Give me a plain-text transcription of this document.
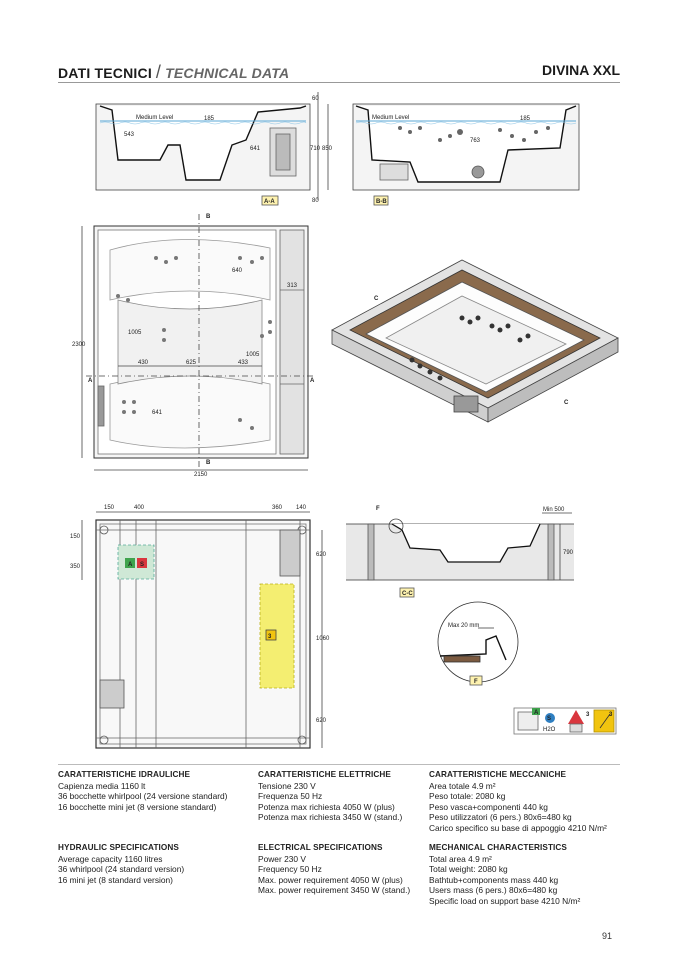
DATI TECNICI / TECHNICAL DATA	DIVINA XXL
Medium Level
60
185
543
641	710 850
80
A-A
Medium Level	185
763
B-B
2300
640
313
1005
1005
430	625	433
641
2150
B
B
A	A
C
C
A S
3
150	400	360 140
150
350
620
1060
620
F	Min 500
790
C-C
Max 20 mm
F
A
S
H2O
3	3
CARATTERISTICHE IDRAULICHE
Capienza media 1160 lt
36 bocchette whirlpool (24 versione standard)
16 bocchette mini jet (8 versione standard)
CARATTERISTICHE ELETTRICHE
Tensione 230 V
Frequenza 50 Hz
Potenza max richiesta 4050 W (plus)
Potenza max richiesta 3450 W (stand.)
CARATTERISTICHE MECCANICHE
Area totale 4.9 m²
Peso totale: 2080 kg
Peso vasca+componenti 440 kg
Peso utilizzatori (6 pers.) 80x6=480 kg
Carico specifico su base di appoggio 4210 N/m²
HYDRAULIC SPECIFICATIONS
Average capacity 1160 litres
36 whirlpool (24 standard version)
16 mini jet (8 standard version)
ELECTRICAL SPECIFICATIONS
Power 230 V
Frequency 50 Hz
Max. power requirement 4050 W (plus)
Max. power requirement 3450 W (stand.)
MECHANICAL CHARACTERISTICS
Total area 4.9 m²
Total weight: 2080 kg
Bathtub+components mass 440 kg
Users mass (6 pers.) 80x6=480 kg
Specific load on support base 4210 N/m²
91
